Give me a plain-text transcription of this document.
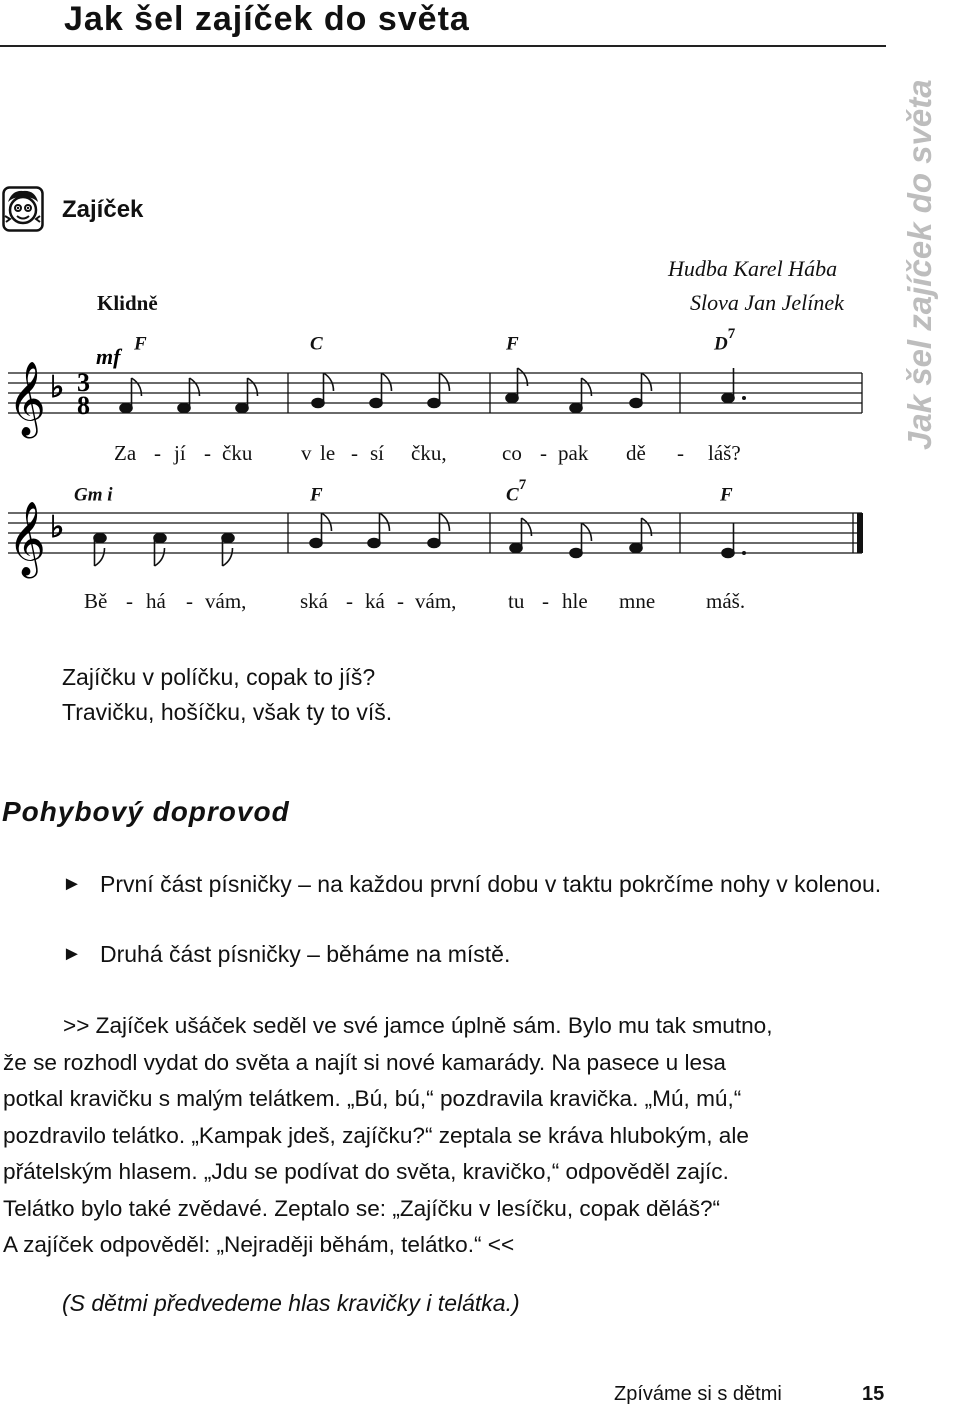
Jak šel zajíček do světa
Jak šel zajíček do světa
Zajíček
Hudba Karel Hába
Slova Jan Jelínek
Klidně
𝄞 ♭ 3
8
mf
𝄞 ♭
F	C	F	$D^7$
Za - jí - čku v le - sí čku,	co - pak dě - láš?
Gm i	F	$C^7$	F
Bě - há - vám,	ská - ká - vám, tu - hle mne máš.
Zajíčku v políčku, copak to jíš?
Travičku, hošíčku, však ty to víš.
Pohybový doprovod
► První část písničky – na každou první dobu v taktu pokrčíme nohy v kolenou.
► Druhá část písničky – běháme na místě.
>> Zajíček ušáček seděl ve své jamce úplně sám. Bylo mu tak smutno,
že se rozhodl vydat do světa a najít si nové kamarády. Na pasece u lesa
potkal kravičku s malým telátkem. „Bú, bú,“ pozdravila kravička. „Mú, mú,“
pozdravilo telátko. „Kampak jdeš, zajíčku?“ zeptala se kráva hlubokým, ale
přátelským hlasem. „Jdu se podívat do světa, kravičko,“ odpověděl zajíc.
Telátko bylo také zvědavé. Zeptalo se: „Zajíčku v lesíčku, copak děláš?“
A zajíček odpověděl: „Nejraději běhám, telátko.“ <<
(S dětmi předvedeme hlas kravičky i telátka.)
Zpíváme si s dětmi	15
